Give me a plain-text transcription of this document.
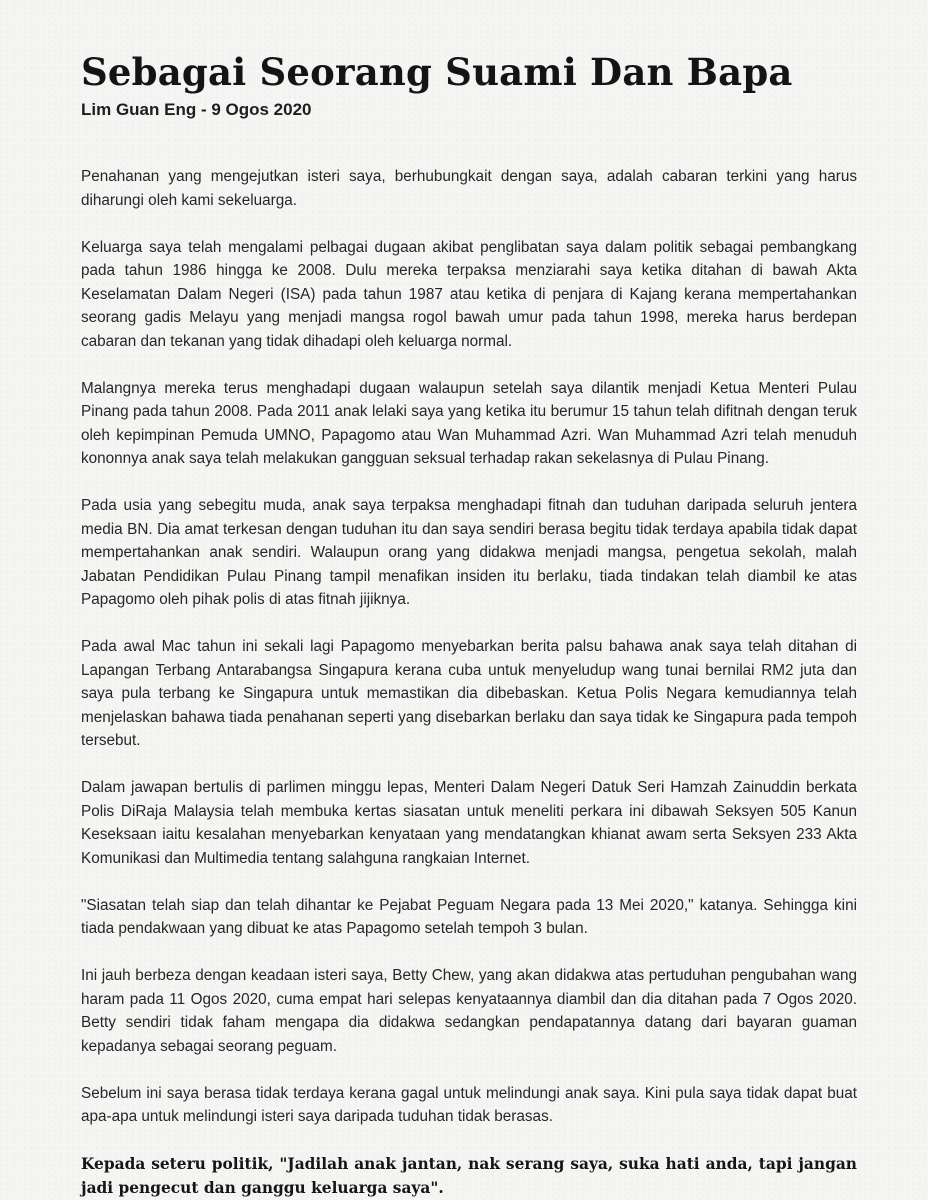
Sebagai Seorang Suami Dan Bapa
Lim Guan Eng - 9 Ogos 2020

Penahanan yang mengejutkan isteri saya, berhubungkait dengan saya, adalah cabaran terkini yang harus diharungi oleh kami sekeluarga.

Keluarga saya telah mengalami pelbagai dugaan akibat penglibatan saya dalam politik sebagai pembangkang pada tahun 1986 hingga ke 2008. Dulu mereka terpaksa menziarahi saya ketika ditahan di bawah Akta Keselamatan Dalam Negeri (ISA) pada tahun 1987 atau ketika di penjara di Kajang kerana mempertahankan seorang gadis Melayu yang menjadi mangsa rogol bawah umur pada tahun 1998, mereka harus berdepan cabaran dan tekanan yang tidak dihadapi oleh keluarga normal.

Malangnya mereka terus menghadapi dugaan walaupun setelah saya dilantik menjadi Ketua Menteri Pulau Pinang pada tahun 2008. Pada 2011 anak lelaki saya yang ketika itu berumur 15 tahun telah difitnah dengan teruk oleh kepimpinan Pemuda UMNO, Papagomo atau Wan Muhammad Azri. Wan Muhammad Azri telah menuduh kononnya anak saya telah melakukan gangguan seksual terhadap rakan sekelasnya di Pulau Pinang.

Pada usia yang sebegitu muda, anak saya terpaksa menghadapi fitnah dan tuduhan daripada seluruh jentera media BN. Dia amat terkesan dengan tuduhan itu dan saya sendiri berasa begitu tidak terdaya apabila tidak dapat mempertahankan anak sendiri. Walaupun orang yang didakwa menjadi mangsa, pengetua sekolah, malah Jabatan Pendidikan Pulau Pinang tampil menafikan insiden itu berlaku, tiada tindakan telah diambil ke atas Papagomo oleh pihak polis di atas fitnah jijiknya.

Pada awal Mac tahun ini sekali lagi Papagomo menyebarkan berita palsu bahawa anak saya telah ditahan di Lapangan Terbang Antarabangsa Singapura kerana cuba untuk menyeludup wang tunai bernilai RM2 juta dan saya pula terbang ke Singapura untuk memastikan dia dibebaskan. Ketua Polis Negara kemudiannya telah menjelaskan bahawa tiada penahanan seperti yang disebarkan berlaku dan saya tidak ke Singapura pada tempoh tersebut.

Dalam jawapan bertulis di parlimen minggu lepas, Menteri Dalam Negeri Datuk Seri Hamzah Zainuddin berkata Polis DiRaja Malaysia telah membuka kertas siasatan untuk meneliti perkara ini dibawah Seksyen 505 Kanun Keseksaan iaitu kesalahan menyebarkan kenyataan yang mendatangkan khianat awam serta Seksyen 233 Akta Komunikasi dan Multimedia tentang salahguna rangkaian Internet.

"Siasatan telah siap dan telah dihantar ke Pejabat Peguam Negara pada 13 Mei 2020," katanya. Sehingga kini tiada pendakwaan yang dibuat ke atas Papagomo setelah tempoh 3 bulan.

Ini jauh berbeza dengan keadaan isteri saya, Betty Chew, yang akan didakwa atas pertuduhan pengubahan wang haram pada 11 Ogos 2020, cuma empat hari selepas kenyataannya diambil dan dia ditahan pada 7 Ogos 2020. Betty sendiri tidak faham mengapa dia didakwa sedangkan pendapatannya datang dari bayaran guaman kepadanya sebagai seorang peguam.

Sebelum ini saya berasa tidak terdaya kerana gagal untuk melindungi anak saya. Kini pula saya tidak dapat buat apa-apa untuk melindungi isteri saya daripada tuduhan tidak berasas.

Kepada seteru politik, "Jadilah anak jantan, nak serang saya, suka hati anda, tapi jangan jadi pengecut dan ganggu keluarga saya".
